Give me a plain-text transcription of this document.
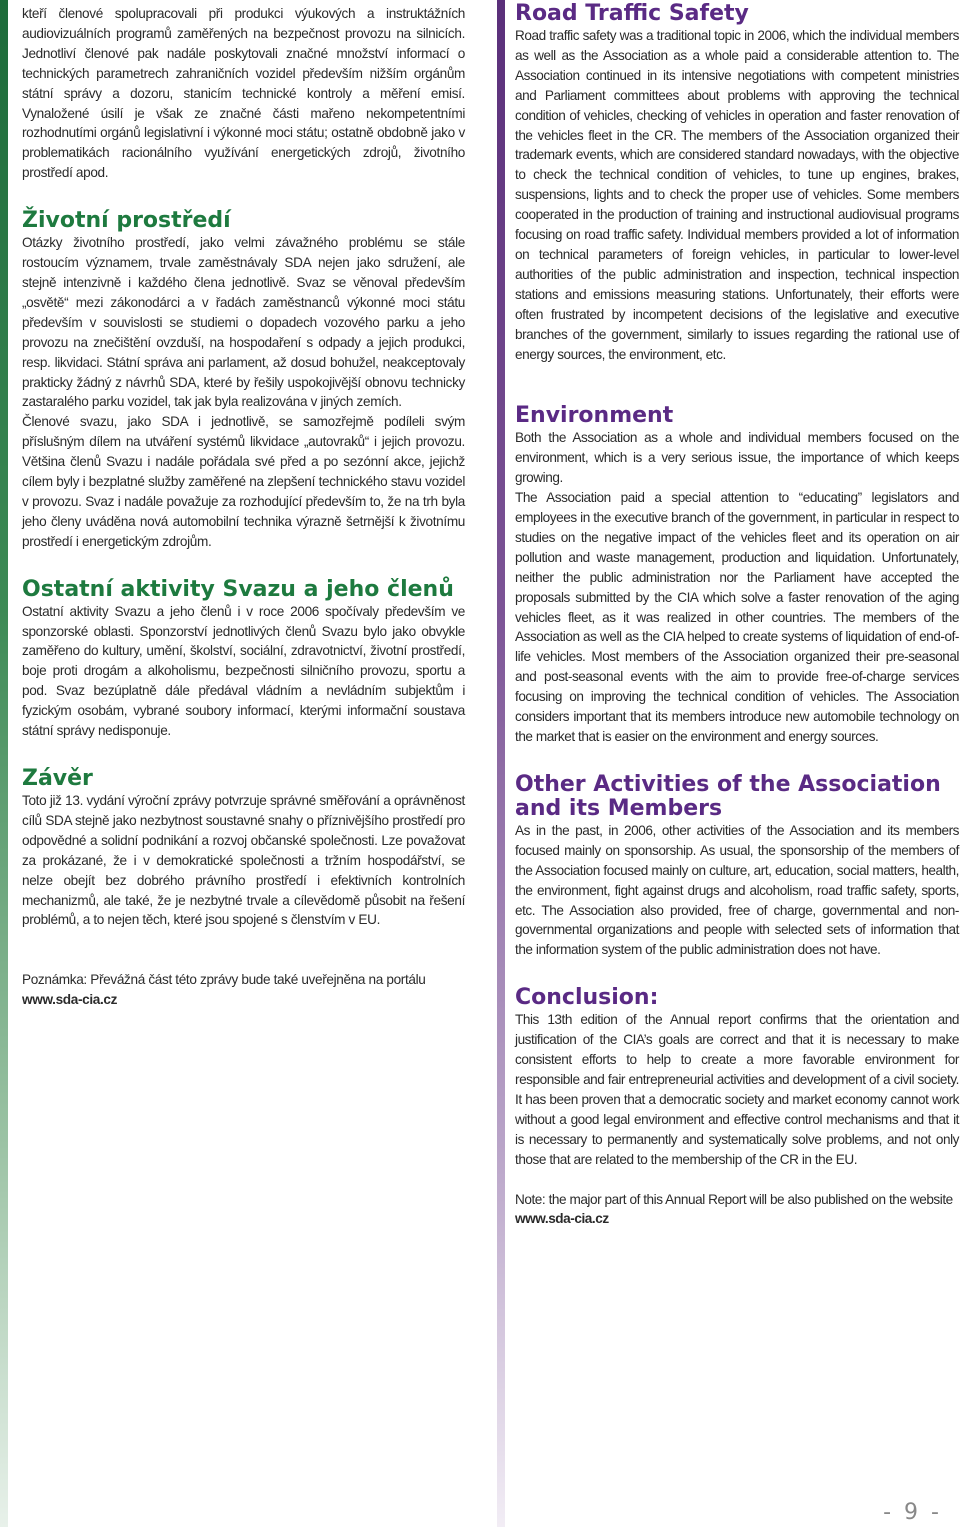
kteří členové spolupracovali při produkci výukových a instruktážních audiovizuálních programů zaměřených na bezpečnost provozu na silnicích. Jednotliví členové pak nadále poskytovali značné množství informací o technických parametrech zahraničních vozidel především nižším orgánům státní správy a dozoru, stanicím technické kontroly a měření emisí. Vynaložené úsilí je však ze značné části mařeno nekompetentními rozhodnutími orgánů legislativní i výkonné moci státu; ostatně obdobně jako v problematikách racionálního využívání energetických zdrojů, životního prostředí apod.

Životní prostředí

Otázky životního prostředí, jako velmi závažného problému se stále rostoucím významem, trvale zaměstnávaly SDA nejen jako sdružení, ale stejně intenzivně i každého člena jednotlivě. Svaz se věnoval především „osvětě“ mezi zákonodárci a v řadách zaměstnanců výkonné moci státu především v souvislosti se studiemi o dopadech vozového parku a jeho provozu na znečištění ovzduší, na hospodaření s odpady a jejich produkci, resp. likvidaci. Státní správa ani parlament, až dosud bohužel, neakceptovaly prakticky žádný z návrhů SDA, které by řešily uspokojivější obnovu technicky zastaralého parku vozidel, tak jak byla realizována v jiných zemích.

Členové svazu, jako SDA i jednotlivě, se samozřejmě podíleli svým příslušným dílem na utváření systémů likvidace „autovraků“ i jejich provozu. Většina členů Svazu i nadále pořádala své před a po sezónní akce, jejichž cílem byly i bezplatné služby zaměřené na zlepšení technického stavu vozidel v provozu. Svaz i nadále považuje za rozhodující především to, že na trh byla jeho členy uváděna nová automobilní technika výrazně šetrnější k životnímu prostředí i energetickým zdrojům.

Ostatní aktivity Svazu a jeho členů

Ostatní aktivity Svazu a jeho členů i v roce 2006 spočívaly především ve sponzorské oblasti. Sponzorství jednotlivých členů Svazu bylo jako obvykle zaměřeno do kultury, umění, školství, sociální, zdravotnictví, životní prostředí, boje proti drogám a alkoholismu, bezpečnosti silničního provozu, sportu a pod. Svaz bezúplatně dále předával vládním a nevládním subjektům i fyzickým osobám, vybrané soubory informací, kterými informační soustava státní správy nedisponuje.

Závěr

Toto již 13. vydání výroční zprávy potvrzuje správné směřování a oprávněnost cílů SDA stejně jako nezbytnost soustavné snahy o příznivějšího prostředí pro odpovědné a solidní podnikání a rozvoj občanské společnosti. Lze považovat za prokázané, že i v demokratické společnosti a tržním hospodářství, se nelze obejít bez dobrého právního prostředí i efektivních kontrolních mechanizmů, ale také, že je nezbytné trvale a cílevědomě působit na řešení problémů, a to nejen těch, které jsou spojené s členstvím v EU.

Poznámka: Převážná část této zprávy bude také uveřejněna na portálu www.sda-cia.cz

Road Traffic Safety

Road traffic safety was a traditional topic in 2006, which the individual members as well as the Association as a whole paid a considerable attention to. The Association continued in its intensive negotiations with competent ministries and Parliament committees about problems with approving the technical condition of vehicles, checking of vehicles in operation and faster renovation of the vehicles fleet in the CR. The members of the Association organized their trademark events, which are considered standard nowadays, with the objective to check the technical condition of vehicles, to tune up engines, brakes, suspensions, lights and to check the proper use of vehicles. Some members cooperated in the production of training and instructional audiovisual programs focusing on road traffic safety. Individual members provided a lot of information on technical parameters of foreign vehicles, in particular to lower-level authorities of the public administration and inspection, technical inspection stations and emissions measuring stations. Unfortunately, their efforts were often frustrated by incompetent decisions of the legislative and executive branches of the government, similarly to issues regarding the rational use of energy sources, the environment, etc.

Environment

Both the Association as a whole and individual members focused on the environment, which is a very serious issue, the importance of which keeps growing.

The Association paid a special attention to “educating” legislators and employees in the executive branch of the government, in particular in respect to studies on the negative impact of the vehicles fleet and its operation on air pollution and waste management, production and liquidation. Unfortunately, neither the public administration nor the Parliament have accepted the proposals submitted by the CIA which solve a faster renovation of the aging vehicles fleet, as it was realized in other countries. The members of the Association as well as the CIA helped to create systems of liquidation of end-of-life vehicles. Most members of the Association organized their pre-seasonal and post-seasonal events with the aim to provide free-of-charge services focusing on improving the technical condition of vehicles. The Association considers important that its members introduce new automobile technology on the market that is easier on the environment and energy sources.

Other Activities of the Association and its Members

As in the past, in 2006, other activities of the Association and its members focused mainly on sponsorship. As usual, the sponsorship of the members of the Association focused mainly on culture, art, education, social matters, health, the environment, fight against drugs and alcoholism, road traffic safety, sports, etc. The Association also provided, free of charge, governmental and non-governmental organizations and people with selected sets of information that the information system of the public administration does not have.

Conclusion:

This 13th edition of the Annual report confirms that the orientation and justification of the CIA’s goals are correct and that it is necessary to make consistent efforts to help to create a more favorable environment for responsible and fair entrepreneurial activities and development of a civil society. It has been proven that a democratic society and market economy cannot work without a good legal environment and effective control mechanisms and that it is necessary to permanently and systematically solve problems, and not only those that are related to the membership of the CR in the EU.

Note: the major part of this Annual Report will be also published on the website www.sda-cia.cz

- 9 -
